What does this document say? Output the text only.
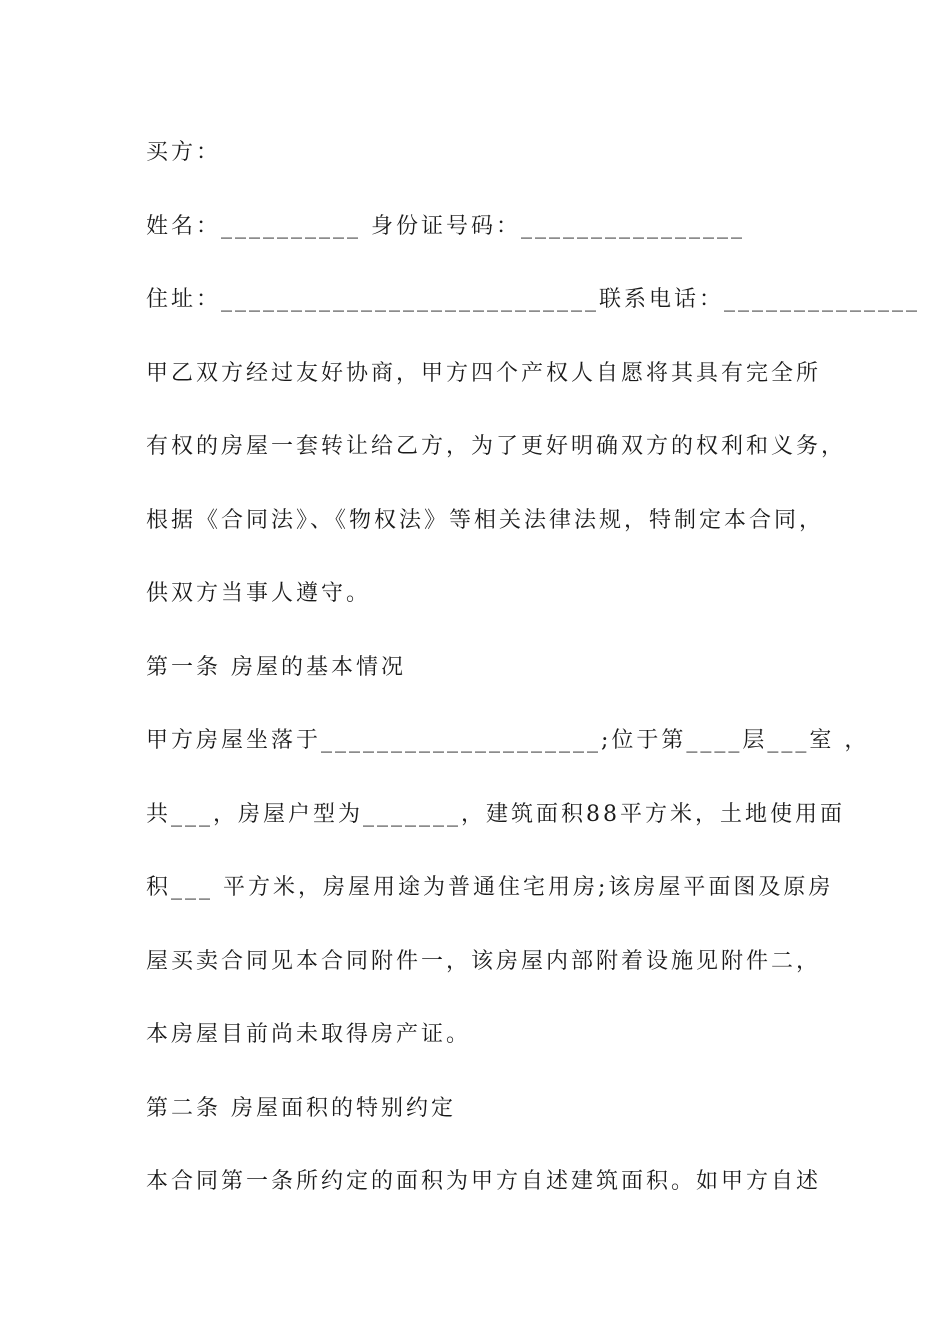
买方：
姓名：__________ 身份证号码：________________
住址：___________________________联系电话：______________
甲乙双方经过友好协商，甲方四个产权人自愿将其具有完全所
有权的房屋一套转让给乙方，为了更好明确双方的权利和义务，
根据《合同法》、《物权法》等相关法律法规，特制定本合同，
供双方当事人遵守。
第一条 房屋的基本情况
甲方房屋坐落于____________________;位于第____层___室 ，
共___，房屋户型为_______，建筑面积88平方米，土地使用面
积___ 平方米，房屋用途为普通住宅用房;该房屋平面图及原房
屋买卖合同见本合同附件一，该房屋内部附着设施见附件二，
本房屋目前尚未取得房产证。
第二条 房屋面积的特别约定
本合同第一条所约定的面积为甲方自述建筑面积。如甲方自述
